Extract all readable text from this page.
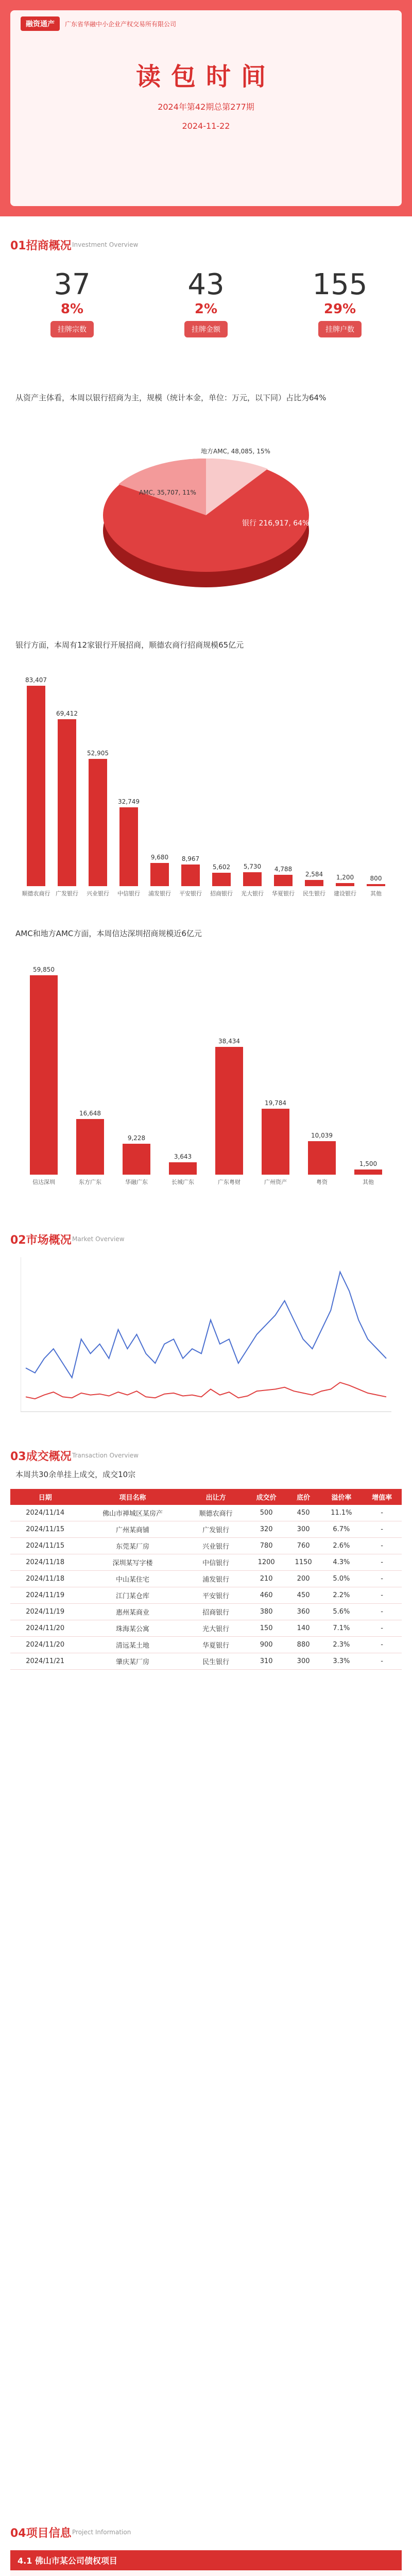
融资通产	广东省华融中小企业产权交易所有限公司
读包时间
2024年第42期总第277期
2024-11-22
01招商概况 Investment Overview
37
8%
挂牌宗数
43
2%
挂牌金额
155
29%
挂牌户数
从资产主体看，本周以银行招商为主，规模（统计本金，单位：万元，以下同）占比为64%
银行 216,917, 64%
AMC, 35,707, 11%
地方AMC, 48,085, 15%
银行方面，本周有12家银行开展招商，顺德农商行招商规模65亿元
83,407
顺德农商行
69,412
广发银行
52,905
兴业银行
32,749
中信银行
9,680
浦发银行
8,967
平安银行
5,602
招商银行
5,730
光大银行
4,788
华夏银行
2,584
民生银行
1,200
建设银行
800
其他
AMC和地方AMC方面，本周信达深圳招商规模近6亿元
59,850
信达深圳
16,648
东方广东
9,228
华融广东
3,643
长城广东
38,434
广东粤财
19,784
广州资产
10,039
粤资
1,500
其他
02市场概况 Market Overview
03成交概况 Transaction Overview
本周共30余单挂上成交，成交10宗
日期	项目名称	出让方	成交价	底价	溢价率	增值率
2024/11/14	佛山市禅城区某房产	顺德农商行	500	450	11.1%	-
2024/11/15	广州某商铺	广发银行	320	300	6.7%	-
2024/11/15	东莞某厂房	兴业银行	780	760	2.6%	-
2024/11/18	深圳某写字楼	中信银行	1200	1150	4.3%	-
2024/11/18	中山某住宅	浦发银行	210	200	5.0%	-
2024/11/19	江门某仓库	平安银行	460	450	2.2%	-
2024/11/19	惠州某商业	招商银行	380	360	5.6%	-
2024/11/20	珠海某公寓	光大银行	150	140	7.1%	-
2024/11/20	清远某土地	华夏银行	900	880	2.3%	-
2024/11/21	肇庆某厂房	民生银行	310	300	3.3%	-
04项目信息 Project Information
4.1 佛山市某公司债权项目
